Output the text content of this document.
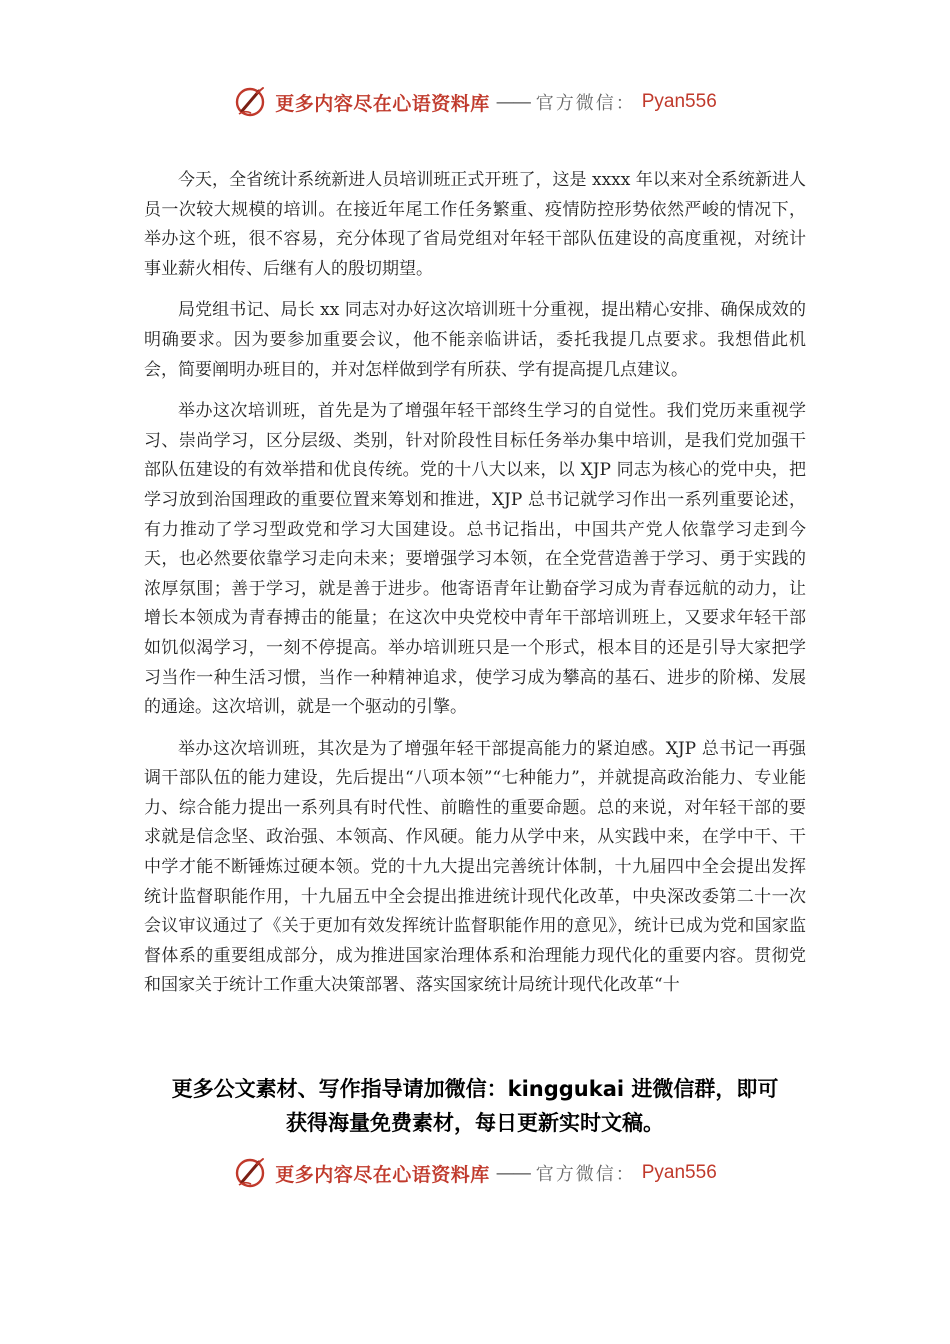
更多内容尽在心语资料库 —— 官方微信： Pyan556

今天，全省统计系统新进人员培训班正式开班了，这是 xxxx 年以来对全系统新进人员一次较大规模的培训。在接近年尾工作任务繁重、疫情防控形势依然严峻的情况下，举办这个班，很不容易，充分体现了省局党组对年轻干部队伍建设的高度重视，对统计事业薪火相传、后继有人的殷切期望。

局党组书记、局长 xx 同志对办好这次培训班十分重视，提出精心安排、确保成效的明确要求。因为要参加重要会议，他不能亲临讲话，委托我提几点要求。我想借此机会，简要阐明办班目的，并对怎样做到学有所获、学有提高提几点建议。

举办这次培训班，首先是为了增强年轻干部终生学习的自觉性。我们党历来重视学习、崇尚学习，区分层级、类别，针对阶段性目标任务举办集中培训，是我们党加强干部队伍建设的有效举措和优良传统。党的十八大以来，以 XJP 同志为核心的党中央，把学习放到治国理政的重要位置来筹划和推进，XJP 总书记就学习作出一系列重要论述，有力推动了学习型政党和学习大国建设。总书记指出，中国共产党人依靠学习走到今天，也必然要依靠学习走向未来；要增强学习本领，在全党营造善于学习、勇于实践的浓厚氛围；善于学习，就是善于进步。他寄语青年让勤奋学习成为青春远航的动力，让增长本领成为青春搏击的能量；在这次中央党校中青年干部培训班上，又要求年轻干部如饥似渴学习，一刻不停提高。举办培训班只是一个形式，根本目的还是引导大家把学习当作一种生活习惯，当作一种精神追求，使学习成为攀高的基石、进步的阶梯、发展的通途。这次培训，就是一个驱动的引擎。

举办这次培训班，其次是为了增强年轻干部提高能力的紧迫感。XJP 总书记一再强调干部队伍的能力建设，先后提出“八项本领”“七种能力”，并就提高政治能力、专业能力、综合能力提出一系列具有时代性、前瞻性的重要命题。总的来说，对年轻干部的要求就是信念坚、政治强、本领高、作风硬。能力从学中来，从实践中来，在学中干、干中学才能不断锤炼过硬本领。党的十九大提出完善统计体制，十九届四中全会提出发挥统计监督职能作用，十九届五中全会提出推进统计现代化改革，中央深改委第二十一次会议审议通过了《关于更加有效发挥统计监督职能作用的意见》，统计已成为党和国家监督体系的重要组成部分，成为推进国家治理体系和治理能力现代化的重要内容。贯彻党和国家关于统计工作重大决策部署、落实国家统计局统计现代化改革“十

更多公文素材、写作指导请加微信：kinggukai 进微信群，即可
获得海量免费素材，每日更新实时文稿。
更多内容尽在心语资料库 —— 官方微信： Pyan556
